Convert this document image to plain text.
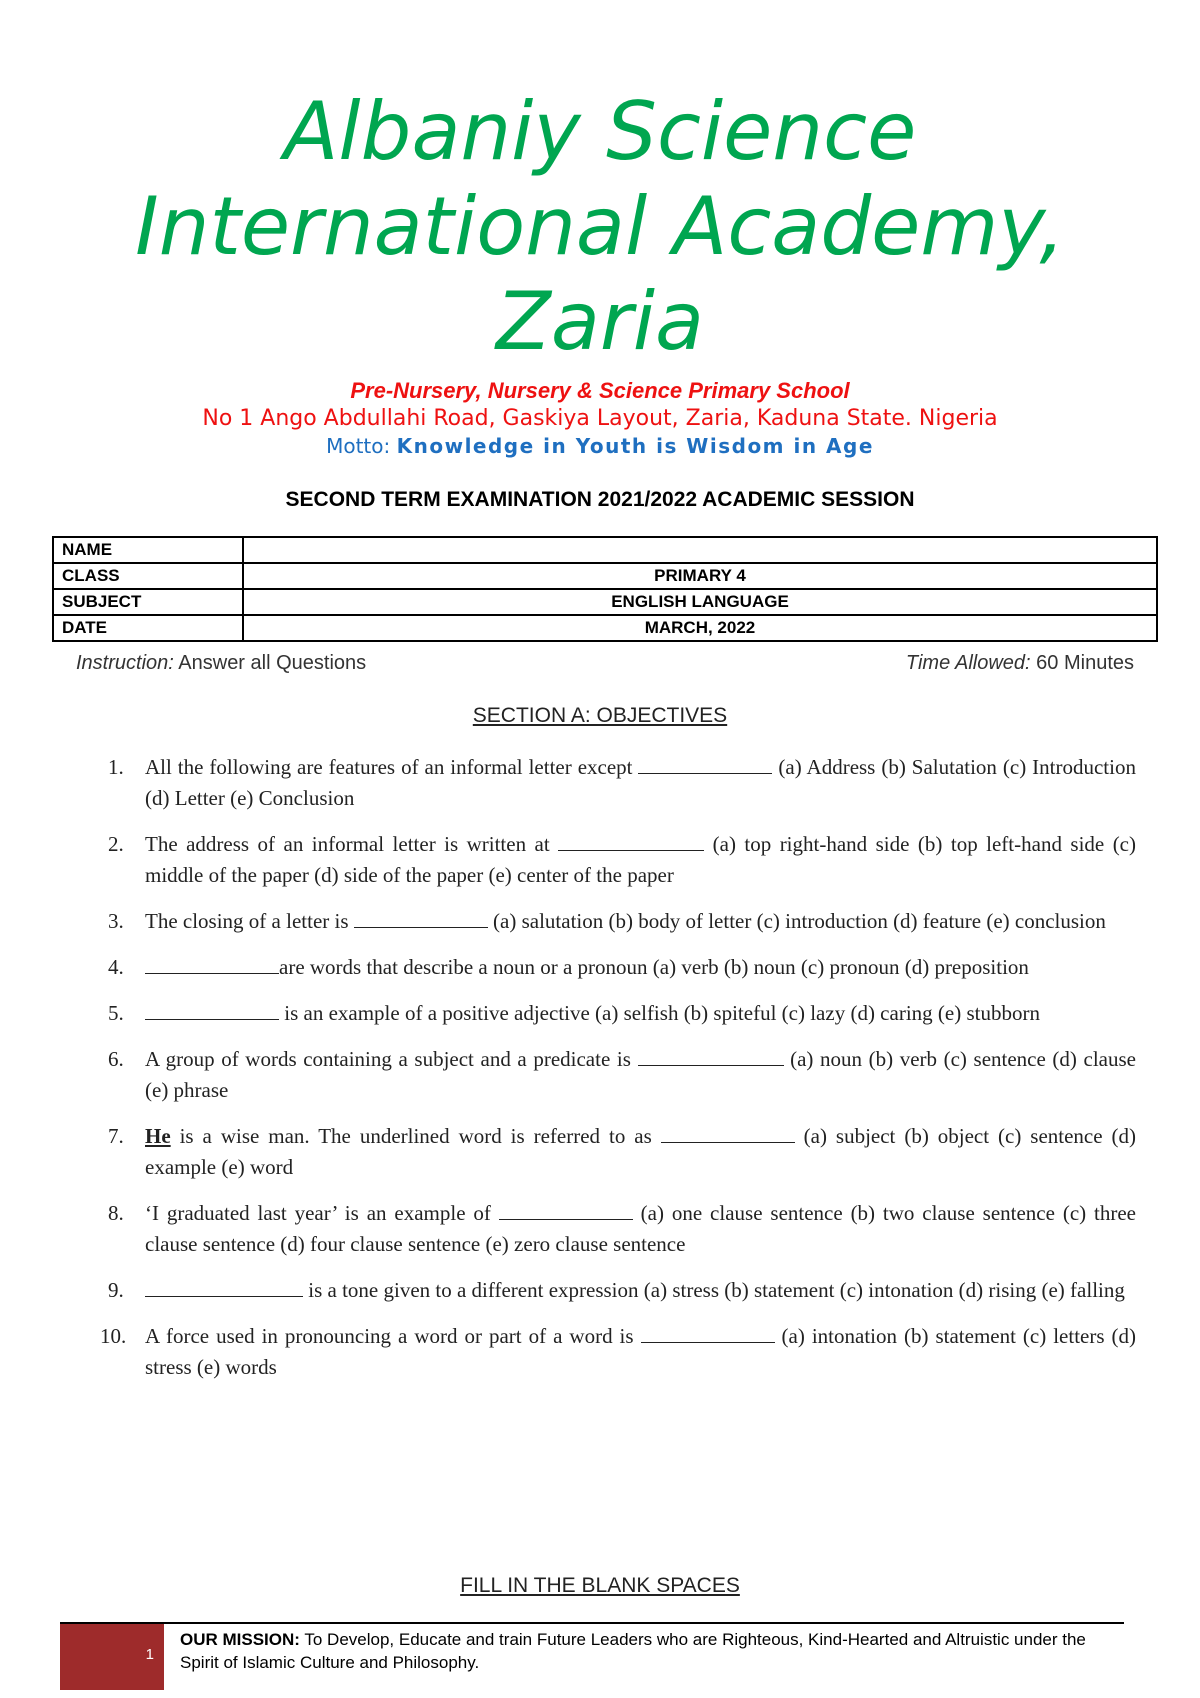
Albaniy Science
International Academy,
Zaria
Pre-Nursery, Nursery & Science Primary School
No 1 Ango Abdullahi Road, Gaskiya Layout, Zaria, Kaduna State. Nigeria
Motto: Knowledge in Youth is Wisdom in Age
SECOND TERM EXAMINATION 2021/2022 ACADEMIC SESSION
NAME	
CLASS	PRIMARY 4
SUBJECT	ENGLISH LANGUAGE
DATE	MARCH, 2022
Instruction: Answer all Questions	Time Allowed: 60 Minutes
SECTION A: OBJECTIVES
1. All the following are features of an informal letter except	(a) Address (b) Salutation (c) Introduction (d) Letter (e) Conclusion
2. The address of an informal letter is written at	(a) top right-hand side (b) top left-hand side (c) middle of the paper (d) side of the paper (e) center of the paper
3. The closing of a letter is	(a) salutation (b) body of letter (c) introduction (d) feature (e) conclusion
4.	are words that describe a noun or a pronoun (a) verb (b) noun (c) pronoun (d) preposition
5.	is an example of a positive adjective (a) selfish (b) spiteful (c) lazy (d) caring (e) stubborn
6. A group of words containing a subject and a predicate is	(a) noun (b) verb (c) sentence (d) clause (e) phrase
7. He is a wise man. The underlined word is referred to as	(a) subject (b) object (c) sentence (d) example (e) word
8. ‘I graduated last year’ is an example of	(a) one clause sentence (b) two clause sentence (c) three clause sentence (d) four clause sentence (e) zero clause sentence
9.	is a tone given to a different expression (a) stress (b) statement (c) intonation (d) rising (e) falling
10. A force used in pronouncing a word or part of a word is	(a) intonation (b) statement (c) letters (d) stress (e) words
FILL IN THE BLANK SPACES
1
OUR MISSION: To Develop, Educate and train Future Leaders who are Righteous, Kind-Hearted and Altruistic under the Spirit of Islamic Culture and Philosophy.
